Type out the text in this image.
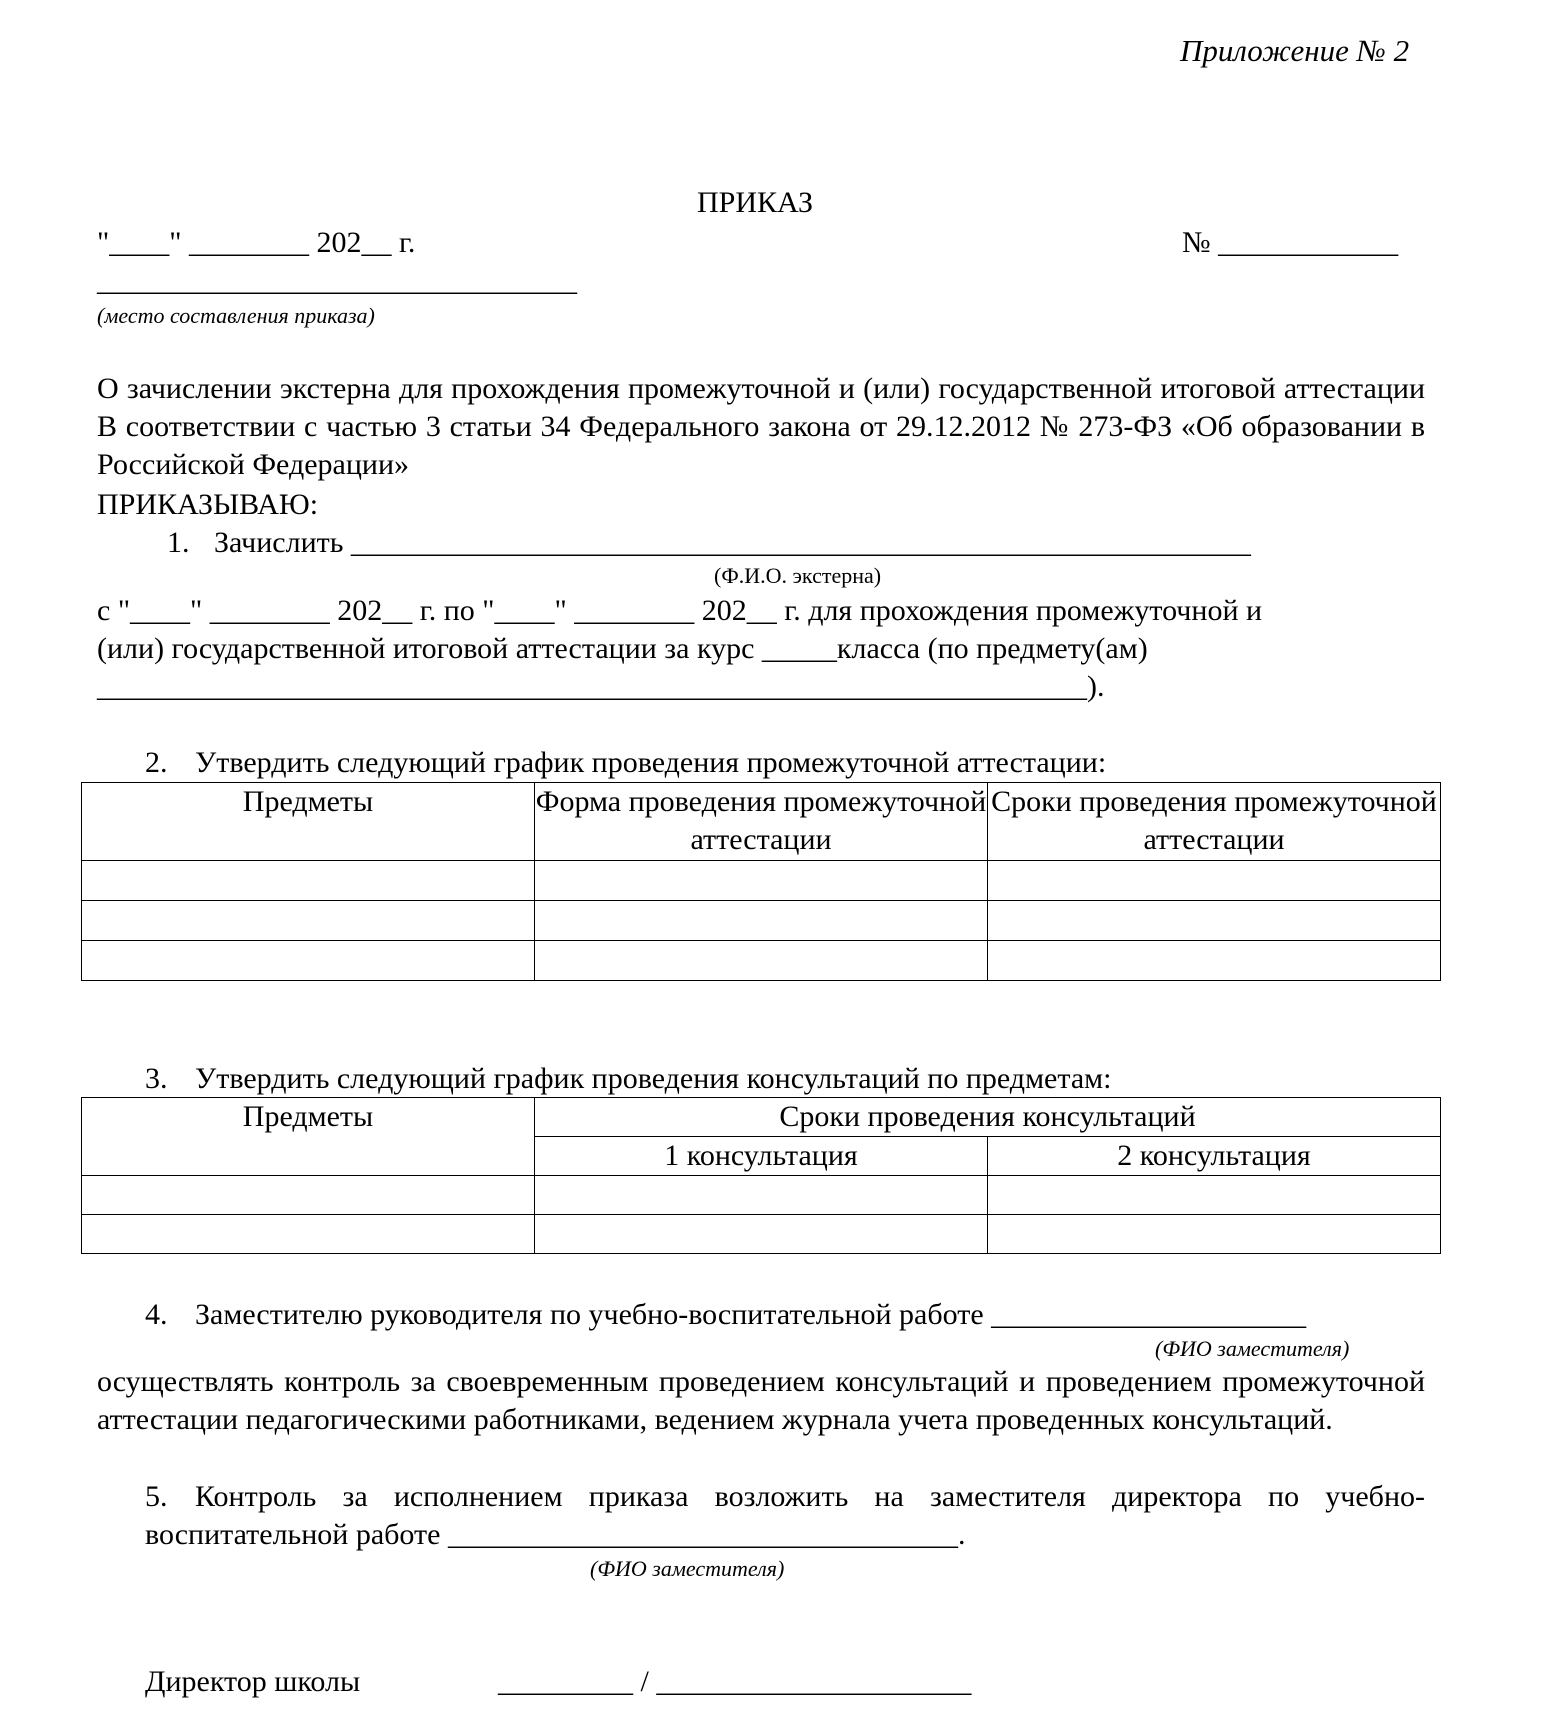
Приложение № 2
ПРИКАЗ
"____" ________ 202__ г.	№ ____________
________________________________
(место составления приказа)
О зачислении экстерна для прохождения промежуточной и (или) государственной итоговой аттестации В соответствии с частью 3 статьи 34 Федерального закона от 29.12.2012 № 273-ФЗ «Об образовании в Российской Федерации»
ПРИКАЗЫВАЮ:
1. Зачислить ____________________________________________________________
(Ф.И.О. экстерна)
с "____" ________ 202__ г. по "____" ________ 202__ г. для прохождения промежуточной и
(или) государственной итоговой аттестации за курс _____класса (по предмету(ам)
__________________________________________________________________).
2. Утвердить следующий график проведения промежуточной аттестации:
Предметы	Форма проведения промежуточной аттестации	Сроки проведения промежуточной аттестации

3. Утвердить следующий график проведения консультаций по предметам:
Предметы	Сроки проведения консультаций	
	1 консультация	2 консультация

4. Заместителю руководителя по учебно-воспитательной работе _____________________
(ФИО заместителя)
осуществлять контроль за своевременным проведением консультаций и проведением промежуточной аттестации педагогическими работниками, ведением журнала учета проведенных консультаций.
5. Контроль за исполнением приказа возложить на заместителя директора по учебно-воспитательной работе __________________________________.
(ФИО заместителя)
Директор школы	_________ / _____________________
